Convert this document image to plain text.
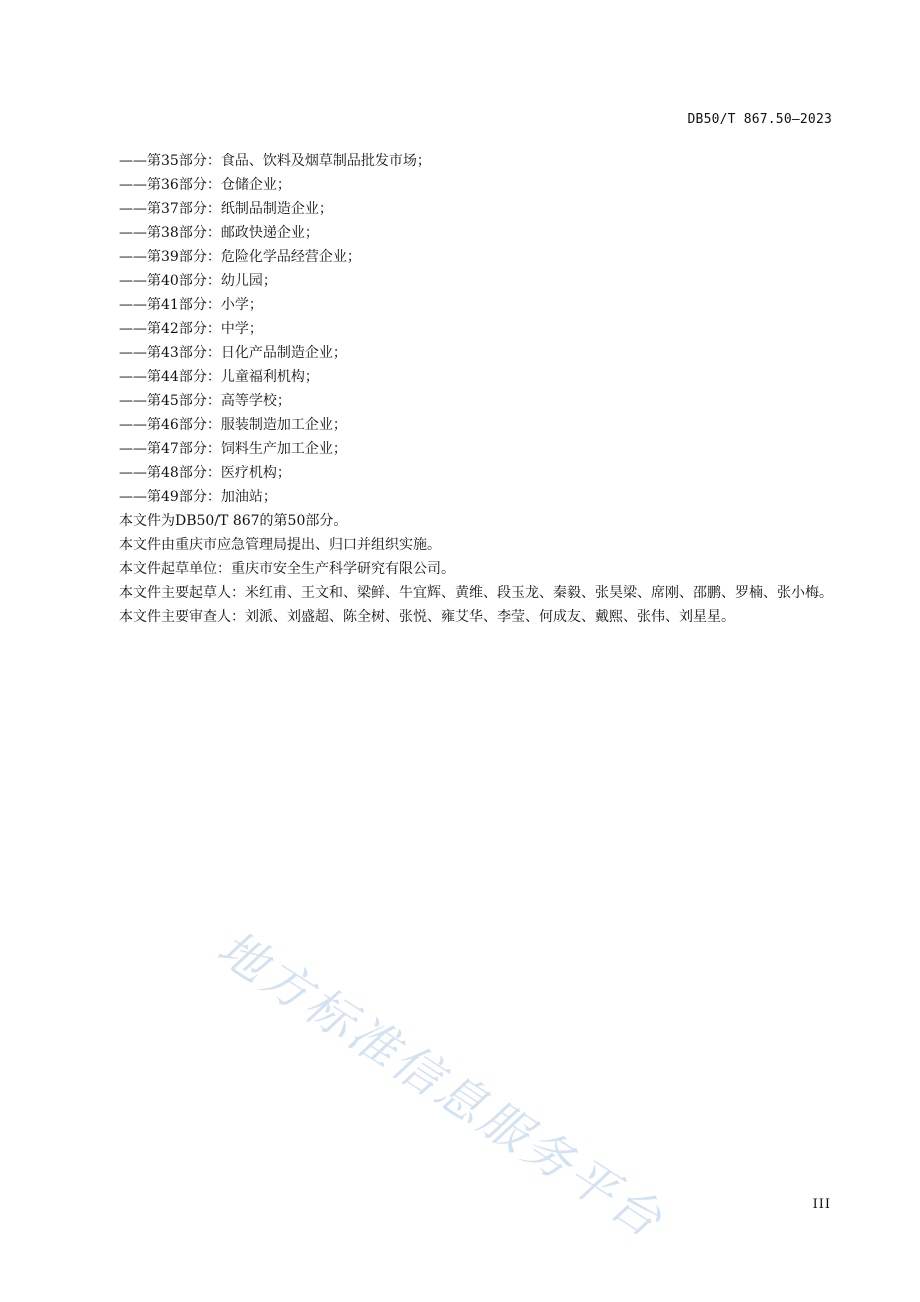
DB50/T 867.50—2023
——第35部分：食品、饮料及烟草制品批发市场；
——第36部分：仓储企业；
——第37部分：纸制品制造企业；
——第38部分：邮政快递企业；
——第39部分：危险化学品经营企业；
——第40部分：幼儿园；
——第41部分：小学；
——第42部分：中学；
——第43部分：日化产品制造企业；
——第44部分：儿童福利机构；
——第45部分：高等学校；
——第46部分：服装制造加工企业；
——第47部分：饲料生产加工企业；
——第48部分：医疗机构；
——第49部分：加油站；

本文件为DB50/T 867的第50部分。

本文件由重庆市应急管理局提出、归口并组织实施。

本文件起草单位：重庆市安全生产科学研究有限公司。

本文件主要起草人：米红甫、王文和、梁鲜、牛宜辉、黄维、段玉龙、秦毅、张昊梁、席刚、邵鹏、罗楠、张小梅。

本文件主要审查人：刘派、刘盛超、陈全树、张悦、雍艾华、李莹、何成友、戴熙、张伟、刘星星。

地方标准信息服务平台	III
